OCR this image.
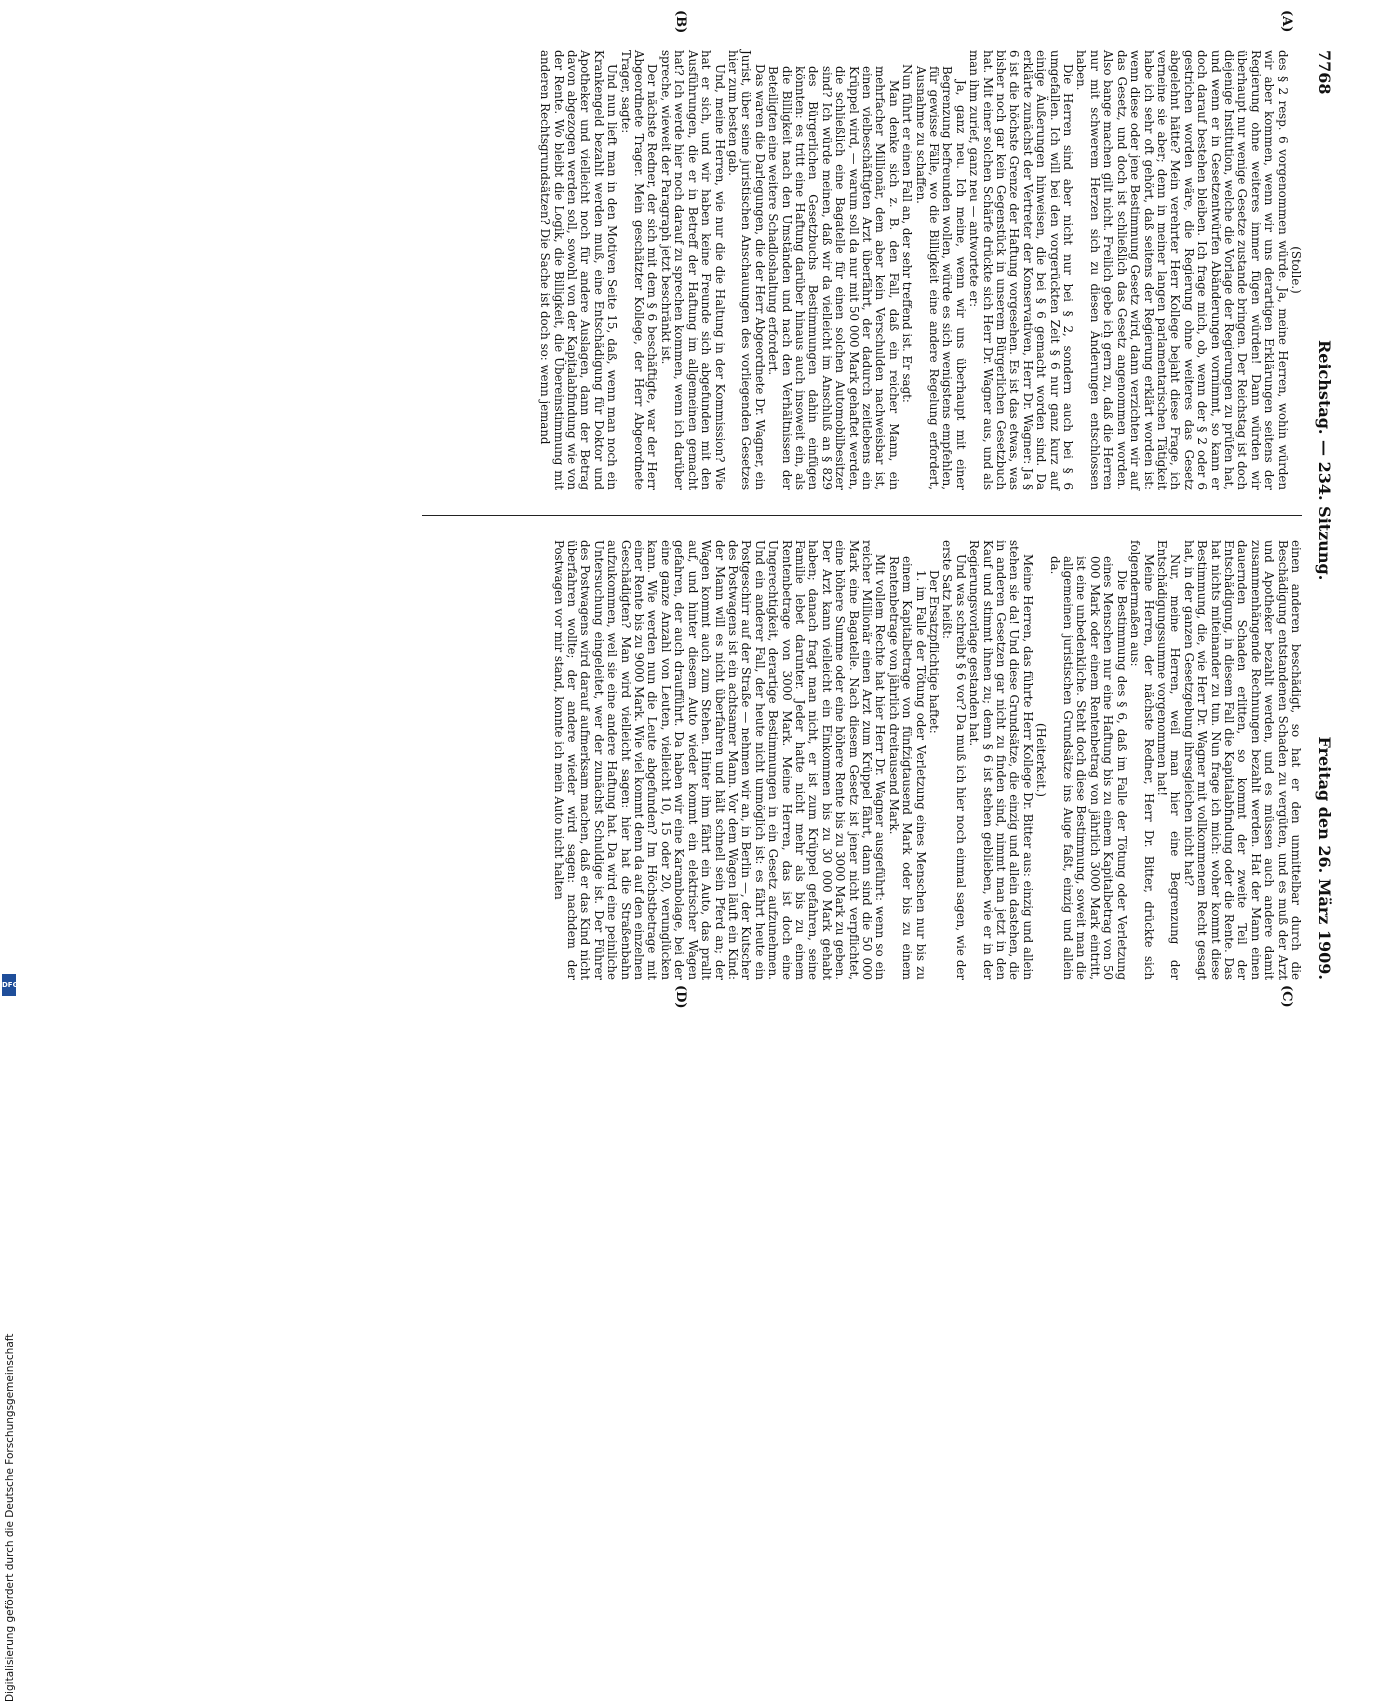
7768
Reichstag. — 234. Sitzung.
Freitag den 26. März 1909.
(A)
(B)
(C)
(D)

(Stolle.)

des § 2 resp. 6 vorgenommen würde. Ja, meine Herren, wohin würden wir aber kommen, wenn wir uns derartigen Erklärungen seitens der Regierung ohne weiteres immer fügen würden! Dann würden wir überhaupt nur wenige Gesetze zustande bringen. Der Reichstag ist doch diejenige Institution, welche die Vorlage der Regierungen zu prüfen hat, und wenn er in Gesetzentwürfen Abänderungen vornimmt, so kann er doch darauf bestehen bleiben. Ich frage mich, ob, wenn der § 2 oder 6 gestrichen worden wäre, die Regierung ohne weiteres das Gesetz abgelehnt hätte? Mein verehrter Herr Kollege bejaht diese Frage, ich verneine sie aber; denn in meiner langen parlamentarischen Tätigkeit habe ich sehr oft gehört, daß seitens der Regierung erklärt worden ist: wenn diese oder jene Bestimmung Gesetz wird, dann verzichten wir auf das Gesetz, und doch ist schließlich das Gesetz angenommen worden. Also bange machen gilt nicht. Freilich gebe ich gern zu, daß die Herren nur mit schwerem Herzen sich zu diesen Änderungen entschlossen haben.

Die Herren sind aber nicht nur bei § 2, sondern auch bei § 6 umgefallen. Ich will bei den vorgerückten Zeit § 6 nur ganz kurz auf einige Äußerungen hinweisen, die bei § 6 gemacht worden sind. Da erklärte zunächst der Vertreter der Konservativen, Herr Dr. Wagner: Ja § 6 ist die höchste Grenze der Haftung vorgesehen. Es ist das etwas, was bisher noch gar kein Gegenstück in unserem Bürgerlichen Gesetzbuch hat. Mit einer solchen Schärfe drückte sich Herr Dr. Wagner aus, und als man ihm zurief, ganz neu — antwortete er:

Ja, ganz neu. Ich meine, wenn wir uns überhaupt mit einer Begrenzung befreunden wollen, würde es sich wenigstens empfehlen, für gewisse Fälle, wo die Billigkeit eine andere Regelung erfordert, Ausnahme zu schaffen.

Nun führt er einen Fall an, der sehr treffend ist. Er sagt:

Man denke sich z. B. den Fall, daß ein reicher Mann, ein mehrfacher Millionär, dem aber kein Verschulden nachweisbar ist, einen vielbeschäftigten Arzt überfährt, der dadurch zeitlebens ein Krüppel wird, — warum soll da nur mit 50 000 Mark gehaftet werden, die schließlich eine Bagatelle für einen solchen Automobilbesitzer sind? Ich würde meinen, daß wir da vielleicht im Anschluß an § 829 des Bürgerlichen Gesetzbuchs Bestimmungen dahin einfügen könnten: es tritt eine Haftung darüber hinaus auch insoweit ein, als die Billigkeit nach den Umständen und nach den Verhältnissen der Beteiligten eine weitere Schadloshaltung erfordert.

Das waren die Darlegungen, die der Herr Abgeordnete Dr. Wagner, ein Jurist, über seine juristischen Anschauungen des vorliegenden Gesetzes hier zum besten gab.

Und, meine Herren, wie nur die die Haltung in der Kommission? Wie hat er sich, und wir haben keine Freunde sich abgefunden mit den Ausführungen, die er in Betreff der Haftung im allgemeinen gemacht hat? Ich werde hier noch darauf zu sprechen kommen, wenn ich darüber spreche, wieweit der Paragraph jetzt beschränkt ist.

Der nächste Redner, der sich mit dem § 6 beschäftigte, war der Herr Abgeordnete Trager. Mein geschätzter Kollege, der Herr Abgeordnete Trager, sagte:

Und nun lieft man in den Motiven Seite 15, daß, wenn man noch ein Krankengeld bezahlt werden muß, eine Entschädigung für Doktor und Apotheker und vielleicht noch für andere Auslagen, dann der Betrag davon abgezogen werden soll, sowohl von der Kapitalabfindung wie von der Rente. Wo bleibt die Logik, die Billigkeit, die Übereinstimmung mit anderen Rechtsgrundsätzen? Die Sache ist doch so: wenn jemand

einen anderen beschädigt, so hat er den unmittelbar durch die Beschädigung entstandenen Schaden zu vergüten, und es muß der Arzt und Apotheker bezahlt werden, und es müssen auch andere damit zusammenhängende Rechnungen bezahlt werden. Hat der Mann einen dauernden Schaden erlitten, so kommt der zweite Teil der Entschädigung, in diesem Fall die Kapitalabfindung oder die Rente. Das hat nichts miteinander zu tun. Nun frage ich mich: woher kommt diese Bestimmung, die, wie Herr Dr. Wagner mit vollkommenem Recht gesagt hat, in der ganzen Gesetzgebung ihresgleichen nicht hat?

Nur, meine Herren, weil man hier eine Begrenzung der Entschädigungssumme vorgenommen hat!

Meine Herren, der nächste Redner, Herr Dr. Bitter, drückte sich folgendermaßen aus:

Die Bestimmung des § 6, daß im Falle der Tötung oder Verletzung eines Menschen nur eine Haftung bis zu einem Kapitalbetrag von 50 000 Mark oder einem Rentenbetrag von jährlich 3000 Mark eintritt, ist eine unbedenkliche. Steht doch diese Bestimmung, soweit man die allgemeinen juristischen Grundsätze ins Auge faßt, einzig und allein da.

(Heiterkeit.)

Meine Herren, das führte Herr Kollege Dr. Bitter aus: einzig und allein stehen sie da! Und diese Grundsätze, die einzig und allein dastehen, die in anderen Gesetzen gar nicht zu finden sind, nimmt man jetzt in den Kauf und stimmt ihnen zu; denn § 6 ist stehen geblieben, wie er in der Regierungsvorlage gestanden hat.

Und was schreibt § 6 vor? Da muß ich hier noch einmal sagen, wie der erste Satz heißt:

Der Ersatzpflichtige haftet:

1. im Falle der Tötung oder Verletzung eines Menschen nur bis zu einem Kapitalbetrage von fünfzigtausend Mark oder bis zu einem Rentenbetrage von jährlich dreitausend Mark.

Mit vollem Rechte hat hier Herr Dr. Wagner ausgeführt: wenn so ein reicher Millionär einen Arzt zum Krüppel fährt, dann sind die 50 000 Mark eine Bagatelle. Nach diesem Gesetz ist jener nicht verpflichtet, eine höhere Summe oder eine höhere Rente bis zu 3000 Mark zu geben. Der Arzt kann vielleicht ein Einkommen bis zu 30 000 Mark gehabt haben; danach fragt man nicht, er ist zum Krüppel gefahren, seine Familie lebet darunter. Jeder hatte nicht mehr als bis zu einem Rentenbetrage von 3000 Mark. Meine Herren, das ist doch eine Ungerechtigkeit, derartige Bestimmungen in ein Gesetz aufzunehmen. Und ein anderer Fall, der heute nicht unmöglich ist: es fährt heute ein Postgeschirr auf der Straße — nehmen wir an, in Berlin —, der Kutscher des Postwagens ist ein achtsamer Mann. Vor dem Wagen läuft ein Kind: der Mann will es nicht überfahren und hält schnell sein Pferd an; der Wagen kommt auch zum Stehen. Hinter ihm fährt ein Auto, das prallt auf, und hinter diesem Auto wieder kommt ein elektrischer Wagen gefahren, der auch draufführt. Da haben wir eine Karambolage, bei der eine ganze Anzahl von Leuten, vielleicht 10, 15 oder 20, verunglücken kann. Wie werden nun die Leute abgefunden? Im Höchstbetrage mit einer Rente bis zu 9000 Mark. Wie viel kommt denn da auf den einzelnen Geschädigten? Man wird vielleicht sagen: hier hat die Straßenbahn aufzukommen, weil sie eine andere Haftung hat. Da wird eine peinliche Untersuchung eingeleitet, wer der zunächst Schuldige ist. Der Führer des Postwagens wird darauf aufmerksam machen, daß er das Kind nicht überfahren wollte; der andere wieder wird sagen: nachdem der Postwagen vor mir stand, konnte ich mein Auto nicht halten

Digitalisierung gefördert durch die Deutsche Forschungsgemeinschaft
DFG
